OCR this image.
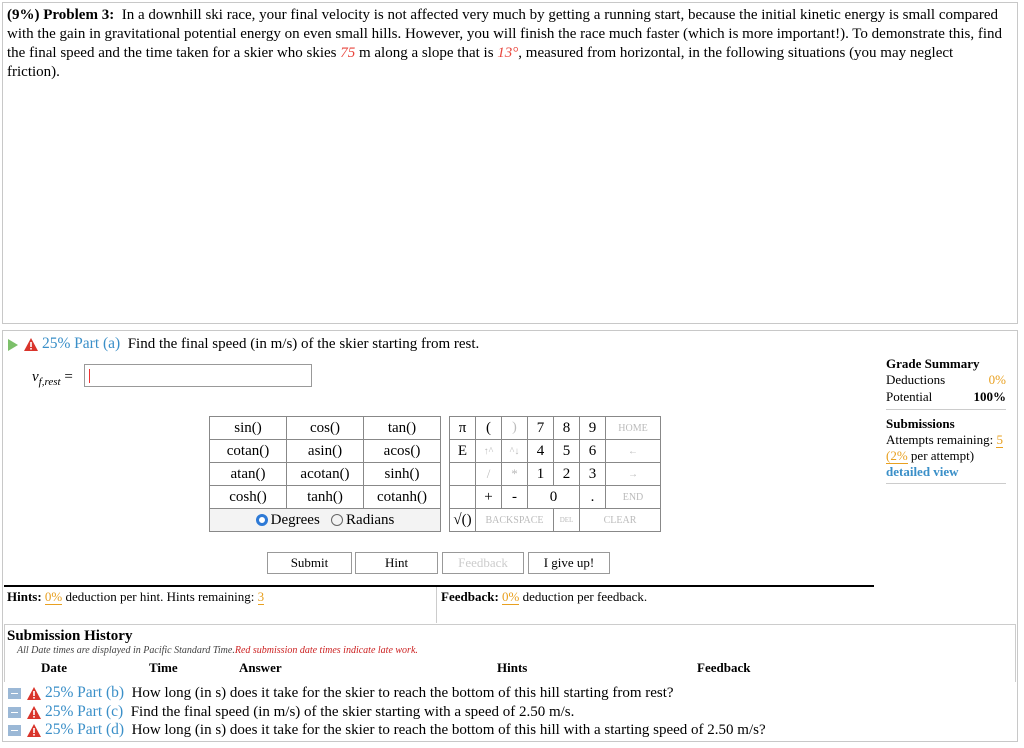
(9%) Problem 3: In a downhill ski race, your final velocity is not affected very much by getting a running start, because the initial kinetic energy is small compared with the gain in gravitational potential energy on even small hills. However, you will finish the race much faster (which is more important!). To demonstrate this, find the final speed and the time taken for a skier who skies 75 m along a slope that is 13°, measured from horizontal, in the following situations (you may neglect friction).
25% Part (a) Find the final speed (in m/s) of the skier starting from rest.
$v_{f,rest}$ =
Grade Summary
Deductions	0%
Potential	100%
Submissions
Attempts remaining: 5
(2% per attempt)
detailed view
sin()	cos()	tan()
cotan()	asin()	acos()
atan()	acotan()	sinh()
cosh()	tanh()	cotanh()
Degrees Radians		
π	(	)	7	8	9	HOME
E	↑^	^↓	4	5	6	←
	/	*	1	2	3	→
	+	-	0		.	END
√()	BACKSPACE			DEL	CLEAR	
Submit	Hint	Feedback	I give up!
Hints: 0% deduction per hint. Hints remaining: 3	Feedback: 0% deduction per feedback.
Submission History
All Date times are displayed in Pacific Standard Time.Red submission date times indicate late work.
Date	Time	Answer	Hints	Feedback
25% Part (b) How long (in s) does it take for the skier to reach the bottom of this hill starting from rest?
25% Part (c) Find the final speed (in m/s) of the skier starting with a speed of 2.50 m/s.
25% Part (d) How long (in s) does it take for the skier to reach the bottom of this hill with a starting speed of 2.50 m/s?
